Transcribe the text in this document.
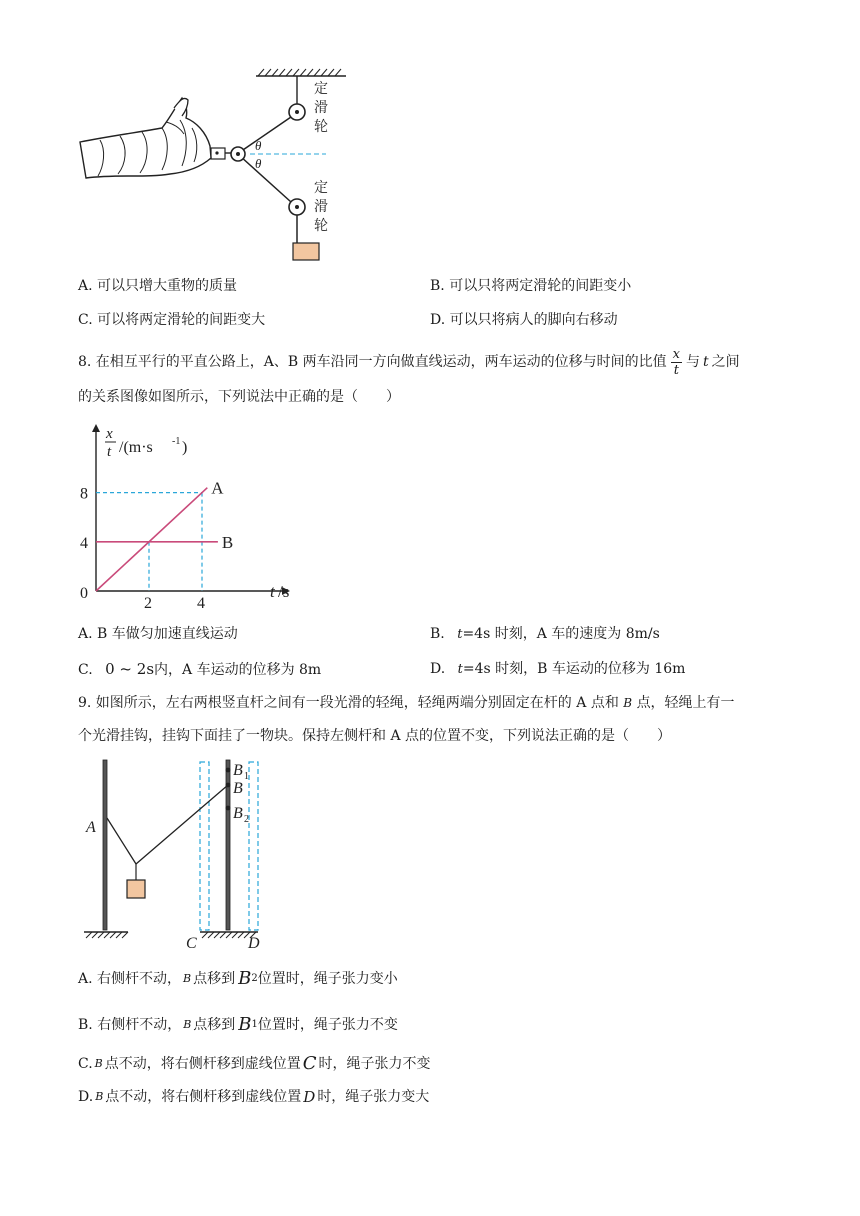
θ
θ
定
滑
轮
定
滑
轮
A. 可以只增大重物的质量	B. 可以只将两定滑轮的间距变小
C. 可以将两定滑轮的间距变大	D. 可以只将病人的脚向右移动
8. 在相互平行的平直公路上，A、B 两车沿同一方向做直线运动，两车运动的位移与时间的比值 x
t 与 t 之间
的关系图像如图所示，下列说法中正确的是（　　）
A
B
2	4
4
8
x
t /(m·s -1 )
t /s
0
A. B 车做匀加速直线运动	B. t=4s 时刻，A 车的速度为 8m/s
C. 0 ~ 2s内，A 车运动的位移为 8m	D. t=4s 时刻，B 车运动的位移为 16m
9. 如图所示，左右两根竖直杆之间有一段光滑的轻绳，轻绳两端分别固定在杆的 A 点和 B 点，轻绳上有一
个光滑挂钩，挂钩下面挂了一物块。保持左侧杆和 A 点的位置不变，下列说法正确的是（　　）
A
B 1
B
B 2
C	D
A. 右侧杆不动， B 点移到 B 2 位置时，绳子张力变小
B. 右侧杆不动， B 点移到 B 1 位置时，绳子张力不变
C. B 点不动，将右侧杆移到虚线位置 C 时，绳子张力不变
D. B 点不动，将右侧杆移到虚线位置 D 时，绳子张力变大
